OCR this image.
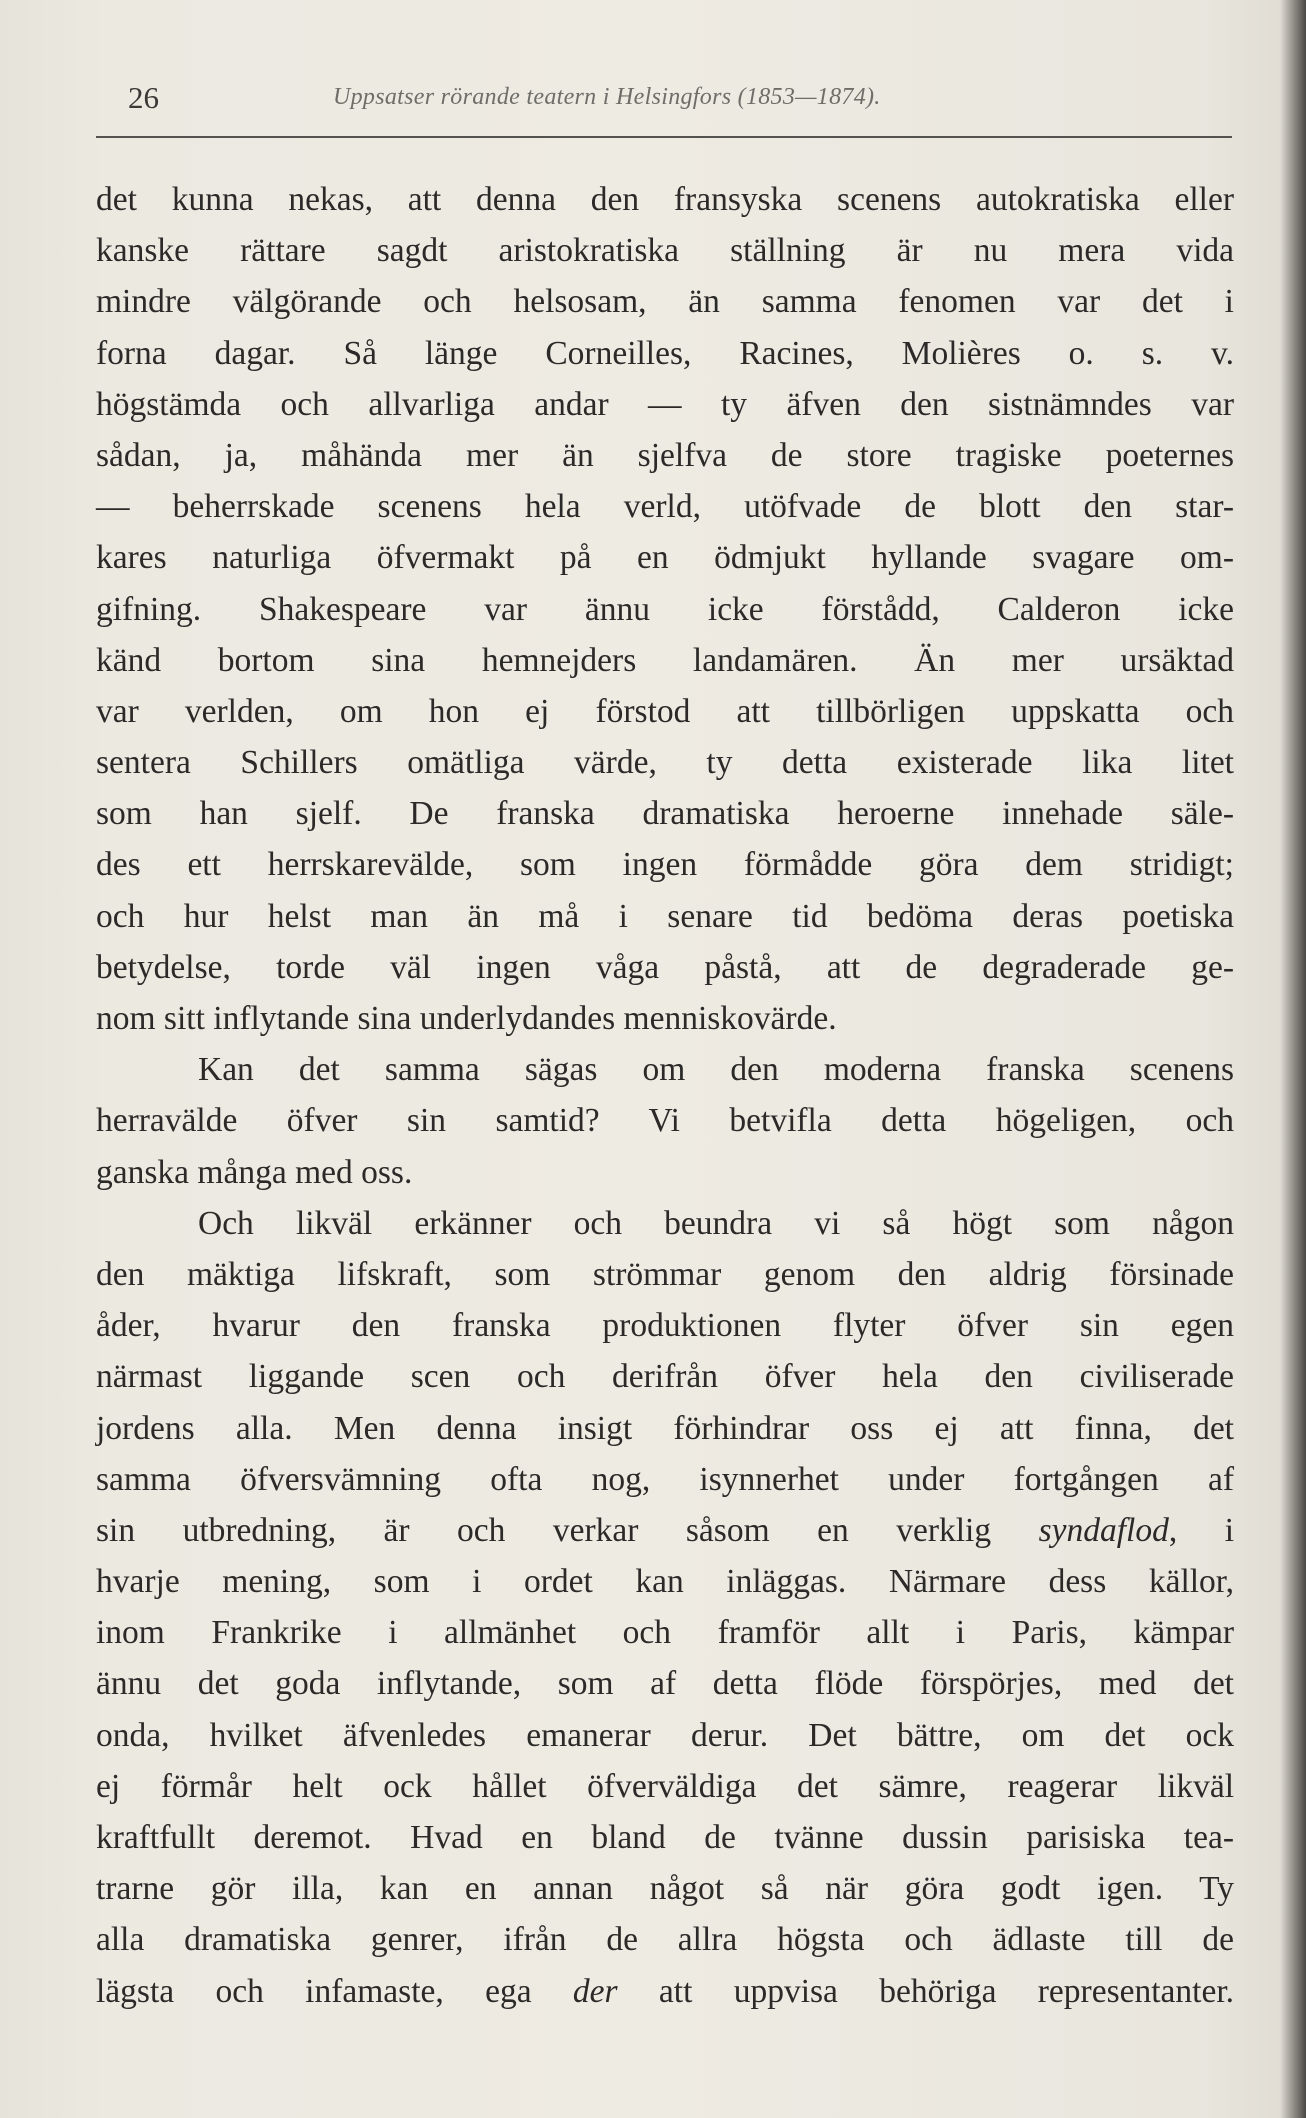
26	Uppsatser rörande teatern i Helsingfors (1853—1874).
det kunna nekas, att denna den fransyska scenens autokratiska eller
kanske rättare sagdt aristokratiska ställning är nu mera vida
mindre välgörande och helsosam, än samma fenomen var det i
forna dagar. Så länge Corneilles, Racines, Molières o. s. v.
högstämda och allvarliga andar — ty äfven den sistnämndes var
sådan, ja, måhända mer än sjelfva de store tragiske poeternes
— beherrskade scenens hela verld, utöfvade de blott den star-
kares naturliga öfvermakt på en ödmjukt hyllande svagare om-
gifning. Shakespeare var ännu icke förstådd, Calderon icke
känd bortom sina hemnejders landamären. Än mer ursäktad
var verlden, om hon ej förstod att tillbörligen uppskatta och
sentera Schillers omätliga värde, ty detta existerade lika litet
som han sjelf. De franska dramatiska heroerne innehade säle-
des ett herrskarevälde, som ingen förmådde göra dem stridigt;
och hur helst man än må i senare tid bedöma deras poetiska
betydelse, torde väl ingen våga påstå, att de degraderade ge-
nom sitt inflytande sina underlydandes menniskovärde.
Kan det samma sägas om den moderna franska scenens
herravälde öfver sin samtid? Vi betvifla detta högeligen, och
ganska många med oss.
Och likväl erkänner och beundra vi så högt som någon
den mäktiga lifskraft, som strömmar genom den aldrig försinade
åder, hvarur den franska produktionen flyter öfver sin egen
närmast liggande scen och derifrån öfver hela den civiliserade
jordens alla. Men denna insigt förhindrar oss ej att finna, det
samma öfversvämning ofta nog, isynnerhet under fortgången af
sin utbredning, är och verkar såsom en verklig syndaflod, i
hvarje mening, som i ordet kan inläggas. Närmare dess källor,
inom Frankrike i allmänhet och framför allt i Paris, kämpar
ännu det goda inflytande, som af detta flöde förspörjes, med det
onda, hvilket äfvenledes emanerar derur. Det bättre, om det ock
ej förmår helt ock hållet öfverväldiga det sämre, reagerar likväl
kraftfullt deremot. Hvad en bland de tvänne dussin parisiska tea-
trarne gör illa, kan en annan något så när göra godt igen. Ty
alla dramatiska genrer, ifrån de allra högsta och ädlaste till de
lägsta och infamaste, ega der att uppvisa behöriga representanter.
